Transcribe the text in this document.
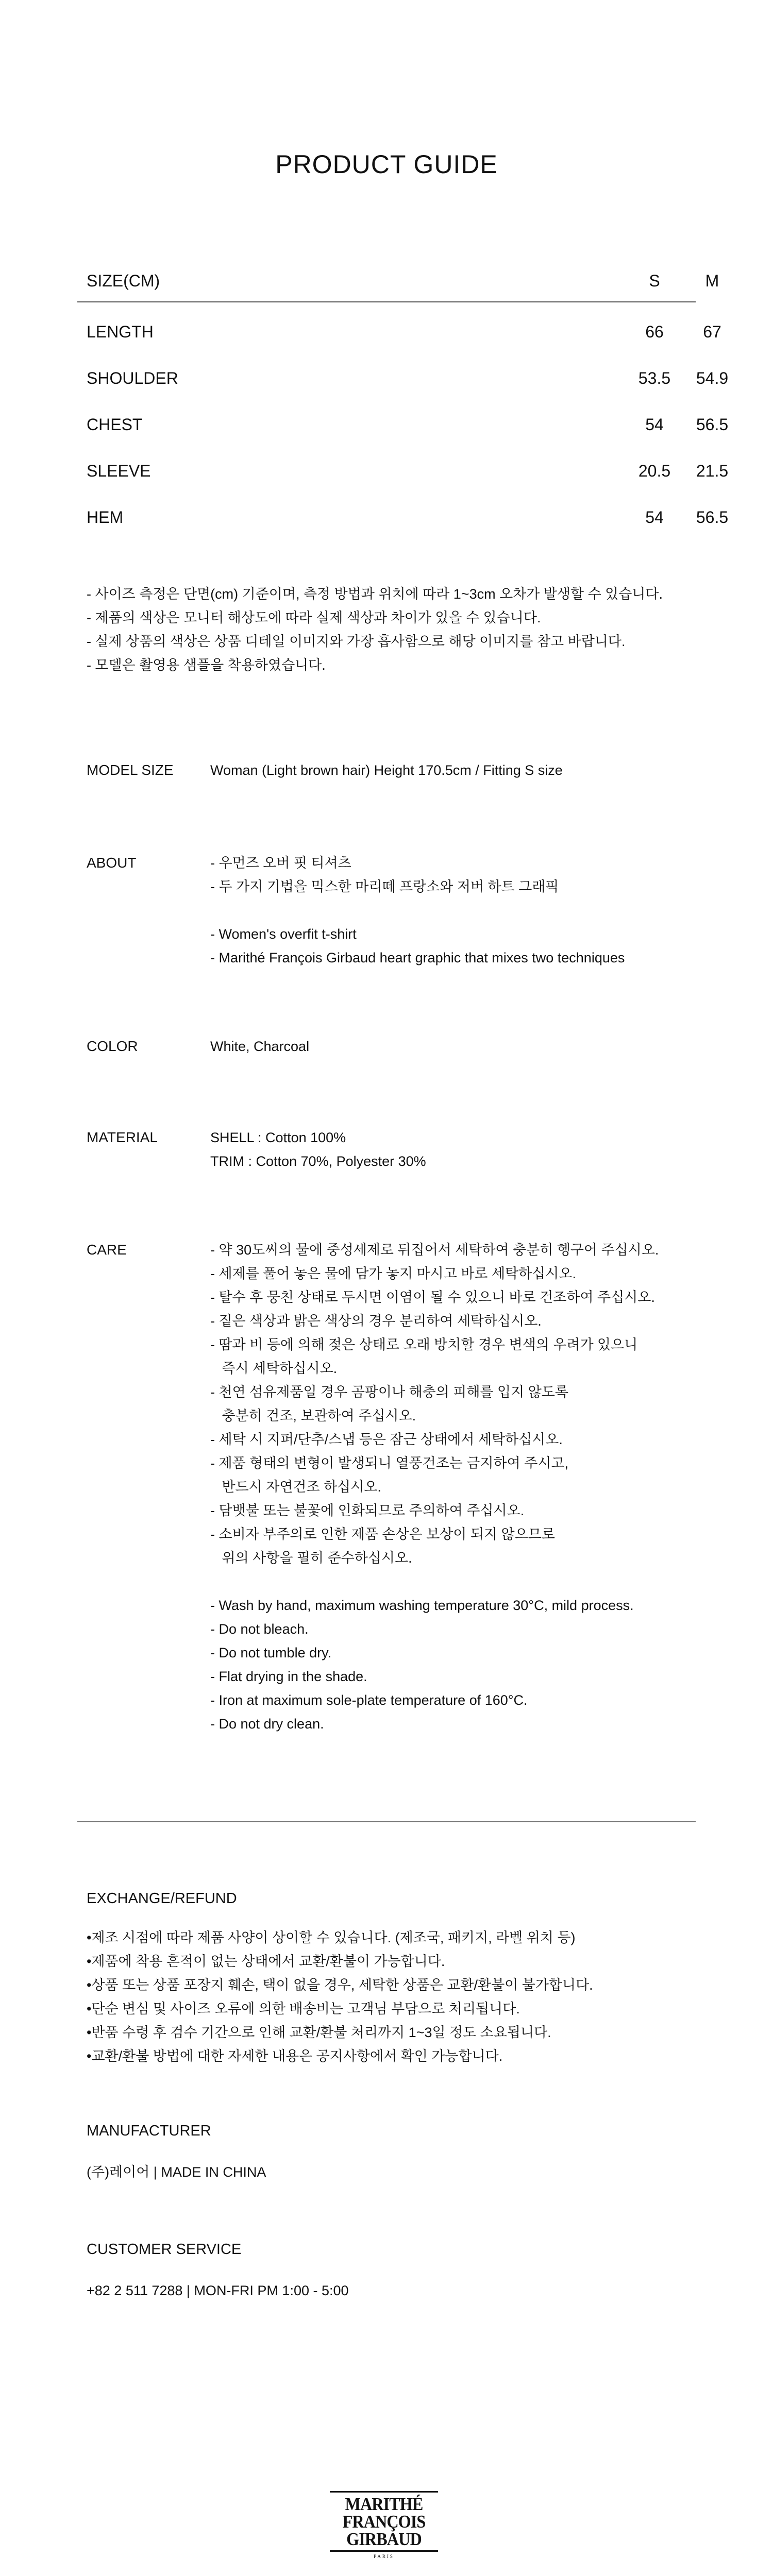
PRODUCT GUIDE
SIZE(CM)	S	M
LENGTH	66	67
SHOULDER	53.5	54.9
CHEST	54	56.5
SLEEVE	20.5	21.5
HEM	54	56.5
- 사이즈 측정은 단면(cm) 기준이며, 측정 방법과 위치에 따라 1~3cm 오차가 발생할 수 있습니다.
- 제품의 색상은 모니터 해상도에 따라 실제 색상과 차이가 있을 수 있습니다.
- 실제 상품의 색상은 상품 디테일 이미지와 가장 흡사함으로 해당 이미지를 참고 바랍니다.
- 모델은 촬영용 샘플을 착용하였습니다.
MODEL SIZE	Woman (Light brown hair) Height 170.5cm / Fitting S size
ABOUT	- 우먼즈 오버 핏 티셔츠
- 두 가지 기법을 믹스한 마리떼 프랑소와 저버 하트 그래픽
- Women's overfit t-shirt
- Marithé François Girbaud heart graphic that mixes two techniques
COLOR	White, Charcoal
MATERIAL	SHELL : Cotton 100%
TRIM : Cotton 70%, Polyester 30%
CARE	- 약 30도씨의 물에 중성세제로 뒤집어서 세탁하여 충분히 헹구어 주십시오.
- 세제를 풀어 놓은 물에 담가 놓지 마시고 바로 세탁하십시오.
- 탈수 후 뭉친 상태로 두시면 이염이 될 수 있으니 바로 건조하여 주십시오.
- 짙은 색상과 밝은 색상의 경우 분리하여 세탁하십시오.
- 땀과 비 등에 의해 젖은 상태로 오래 방치할 경우 변색의 우려가 있으니
즉시 세탁하십시오.
- 천연 섬유제품일 경우 곰팡이나 해충의 피해를 입지 않도록
충분히 건조, 보관하여 주십시오.
- 세탁 시 지퍼/단추/스냅 등은 잠근 상태에서 세탁하십시오.
- 제품 형태의 변형이 발생되니 열풍건조는 금지하여 주시고,
반드시 자연건조 하십시오.
- 담뱃불 또는 불꽃에 인화되므로 주의하여 주십시오.
- 소비자 부주의로 인한 제품 손상은 보상이 되지 않으므로
위의 사항을 필히 준수하십시오.
- Wash by hand, maximum washing temperature 30°C, mild process.
- Do not bleach.
- Do not tumble dry.
- Flat drying in the shade.
- Iron at maximum sole-plate temperature of 160°C.
- Do not dry clean.
EXCHANGE/REFUND
•제조 시점에 따라 제품 사양이 상이할 수 있습니다. (제조국, 패키지, 라벨 위치 등)
•제품에 착용 흔적이 없는 상태에서 교환/환불이 가능합니다.
•상품 또는 상품 포장지 훼손, 택이 없을 경우, 세탁한 상품은 교환/환불이 불가합니다.
•단순 변심 및 사이즈 오류에 의한 배송비는 고객님 부담으로 처리됩니다.
•반품 수령 후 검수 기간으로 인해 교환/환불 처리까지 1~3일 정도 소요됩니다.
•교환/환불 방법에 대한 자세한 내용은 공지사항에서 확인 가능합니다.
MANUFACTURER
(주)레이어 | MADE IN CHINA
CUSTOMER SERVICE
+82 2 511 7288 | MON-FRI PM 1:00 - 5:00
MARITHÉ
FRANÇOIS
GIRBAUD
PARIS
